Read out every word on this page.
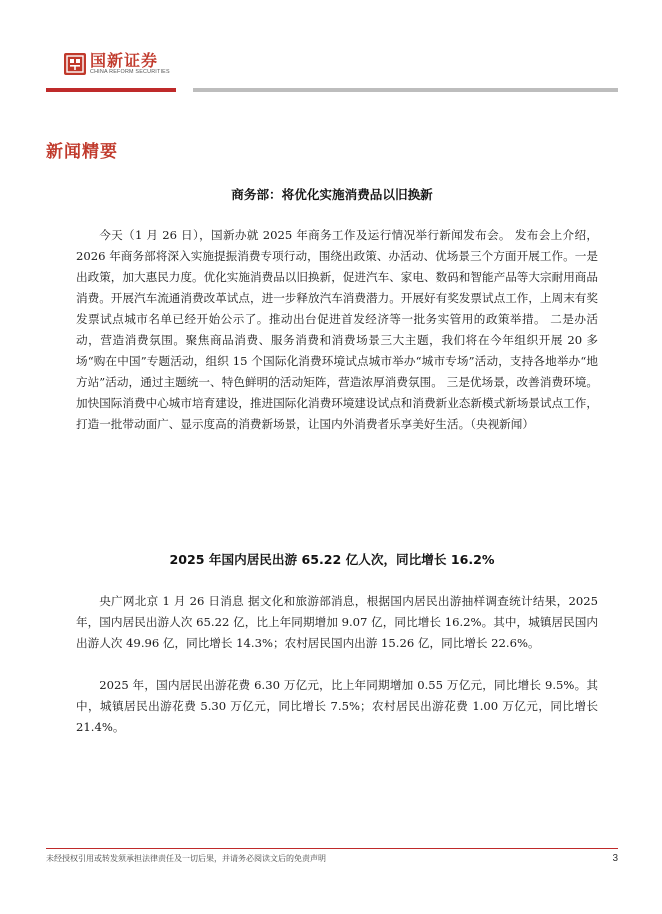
国新证券
CHINA REFORM SECURITIES
新闻精要
商务部：将优化实施消费品以旧换新

今天（1 月 26 日），国新办就 2025 年商务工作及运行情况举行新闻发布会。 发布会上介绍，2026 年商务部将深入实施提振消费专项行动，围绕出政策、办活动、优场景三个方面开展工作。一是出政策，加大惠民力度。优化实施消费品以旧换新，促进汽车、家电、数码和智能产品等大宗耐用商品消费。开展汽车流通消费改革试点，进一步释放汽车消费潜力。开展好有奖发票试点工作，上周末有奖发票试点城市名单已经开始公示了。推动出台促进首发经济等一批务实管用的政策举措。 二是办活动，营造消费氛围。聚焦商品消费、服务消费和消费场景三大主题，我们将在今年组织开展 20 多场“购在中国”专题活动，组织 15 个国际化消费环境试点城市举办“城市专场”活动，支持各地举办“地方站”活动，通过主题统一、特色鲜明的活动矩阵，营造浓厚消费氛围。 三是优场景，改善消费环境。加快国际消费中心城市培育建设，推进国际化消费环境建设试点和消费新业态新模式新场景试点工作，打造一批带动面广、显示度高的消费新场景，让国内外消费者乐享美好生活。（央视新闻）

2025 年国内居民出游 65.22 亿人次，同比增长 16.2%

央广网北京 1 月 26 日消息 据文化和旅游部消息，根据国内居民出游抽样调查统计结果，2025 年，国内居民出游人次 65.22 亿，比上年同期增加 9.07 亿，同比增长 16.2%。其中，城镇居民国内出游人次 49.96 亿，同比增长 14.3%；农村居民国内出游 15.26 亿，同比增长 22.6%。

2025 年，国内居民出游花费 6.30 万亿元，比上年同期增加 0.55 万亿元，同比增长 9.5%。其中，城镇居民出游花费 5.30 万亿元，同比增长 7.5%；农村居民出游花费 1.00 万亿元，同比增长 21.4%。

未经授权引用或转发须承担法律责任及一切后果，并请务必阅读文后的免责声明	3
